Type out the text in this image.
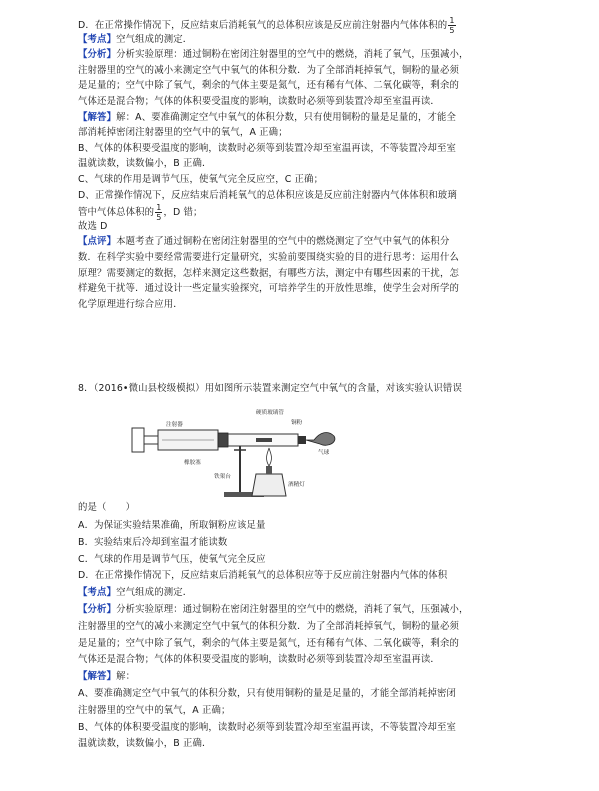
D．在正常操作情况下，反应结束后消耗氧气的总体积应该是反应前注射器内气体体积的 $\frac{1}{5}$
【考点】空气组成的测定．
【分析】分析实验原理：通过铜粉在密闭注射器里的空气中的燃烧，消耗了氧气，压强减小，
注射器里的空气的减小来测定空气中氧气的体积分数．为了全部消耗掉氧气，铜粉的量必须
是足量的；空气中除了氧气，剩余的气体主要是氮气，还有稀有气体、二氧化碳等，剩余的
气体还是混合物；气体的体积要受温度的影响，读数时必须等到装置冷却至室温再读．
【解答】解：A、要准确测定空气中氧气的体积分数，只有使用铜粉的量是足量的，才能全
部消耗掉密闭注射器里的空气中的氧气，A 正确；
B、气体的体积要受温度的影响，读数时必须等到装置冷却至室温再读，不等装置冷却至室
温就读数，读数偏小，B 正确．
C、气球的作用是调节气压，使氧气完全反应空，C 正确；
D、正常操作情况下，反应结束后消耗氧气的总体积应该是反应前注射器内气体体积和玻璃
管中气体总体积的 $\frac{1}{5}$ ，D 错；
故选 D
【点评】本题考查了通过铜粉在密闭注射器里的空气中的燃烧测定了空气中氧气的体积分
数．在科学实验中要经常需要进行定量研究，实验前要围绕实验的目的进行思考：运用什么
原理？需要测定的数据，怎样来测定这些数据，有哪些方法，测定中有哪些因素的干扰，怎
样避免干扰等．通过设计一些定量实验探究，可培养学生的开放性思维，使学生会对所学的
化学原理进行综合应用．
8．（2016•微山县校级模拟）用如图所示装置来测定空气中氧气的含量，对该实验认识错误
的是（　　）
A．为保证实验结果准确，所取铜粉应该足量
B．实验结束后冷却到室温才能读数
C．气球的作用是调节气压，使氧气完全反应
D．在正常操作情况下，反应结束后消耗氧气的总体积应等于反应前注射器内气体的体积
【考点】空气组成的测定．
【分析】分析实验原理：通过铜粉在密闭注射器里的空气中的燃烧，消耗了氧气，压强减小，
注射器里的空气的减小来测定空气中氧气的体积分数．为了全部消耗掉氧气，铜粉的量必须
是足量的；空气中除了氧气，剩余的气体主要是氮气，还有稀有气体、二氧化碳等，剩余的
气体还是混合物；气体的体积要受温度的影响，读数时必须等到装置冷却至室温再读．
【解答】解：
A、要准确测定空气中氧气的体积分数，只有使用铜粉的量是足量的，才能全部消耗掉密闭
注射器里的空气中的氧气，A 正确；
B、气体的体积要受温度的影响，读数时必须等到装置冷却至室温再读，不等装置冷却至室
温就读数，读数偏小，B 正确．
注射器
硬质玻璃管
铜粉
气球
橡胶塞
铁架台
酒精灯
